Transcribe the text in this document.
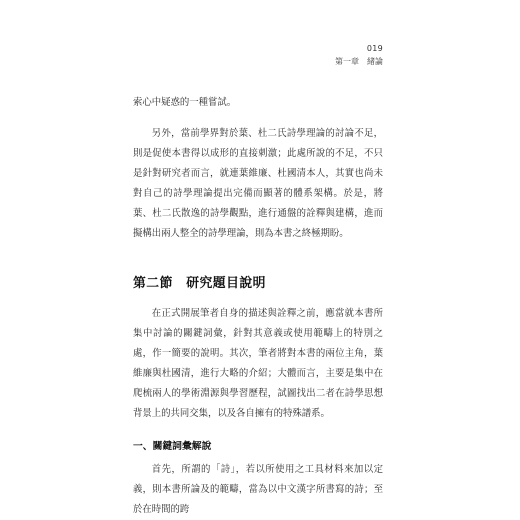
019
第一章　緒論

索心中疑惑的一種嘗試。

另外，當前學界對於葉、杜二氏詩學理論的討論不足，則是促使本書得以成形的直接刺激；此處所說的不足，不只是針對研究者而言，就連葉維廉、杜國清本人，其實也尚未對自己的詩學理論提出完備而顯著的體系架構。於是，將葉、杜二氏散逸的詩學觀點，進行通盤的詮釋與建構，進而擬構出兩人整全的詩學理論，則為本書之終極期盼。

第二節　研究題目說明

在正式開展筆者自身的描述與詮釋之前，應當就本書所集中討論的關鍵詞彙，針對其意義或使用範疇上的特別之處，作一簡要的說明。其次，筆者將對本書的兩位主角，葉維廉與杜國清，進行大略的介紹；大體而言，主要是集中在爬梳兩人的學術淵源與學習歷程，試圖找出二者在詩學思想背景上的共同交集，以及各自擁有的特殊譜系。

一、關鍵詞彙解說

首先，所謂的「詩」，若以所使用之工具材料來加以定義，則本書所論及的範疇，當為以中文漢字所書寫的詩；至於在時間的跨
